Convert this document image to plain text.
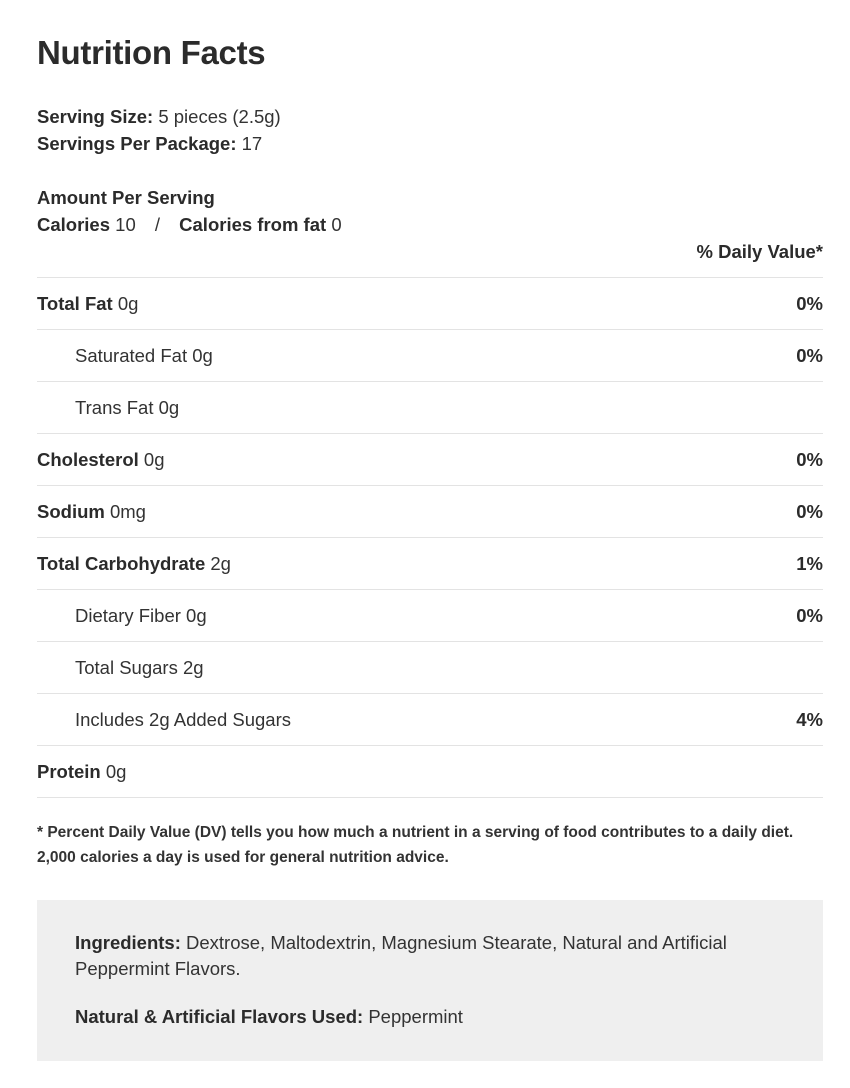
Nutrition Facts
Serving Size: 5 pieces (2.5g)
Servings Per Package: 17
Amount Per Serving
Calories 10 / Calories from fat 0
% Daily Value*
Total Fat 0g	0%
Saturated Fat 0g	0%
Trans Fat 0g
Cholesterol 0g	0%
Sodium 0mg	0%
Total Carbohydrate 2g	1%
Dietary Fiber 0g	0%
Total Sugars 2g
Includes 2g Added Sugars	4%
Protein 0g
* Percent Daily Value (DV) tells you how much a nutrient in a serving of food contributes to a daily diet.
2,000 calories a day is used for general nutrition advice.

Ingredients: Dextrose, Maltodextrin, Magnesium Stearate, Natural and Artificial Peppermint Flavors.

Natural & Artificial Flavors Used: Peppermint
